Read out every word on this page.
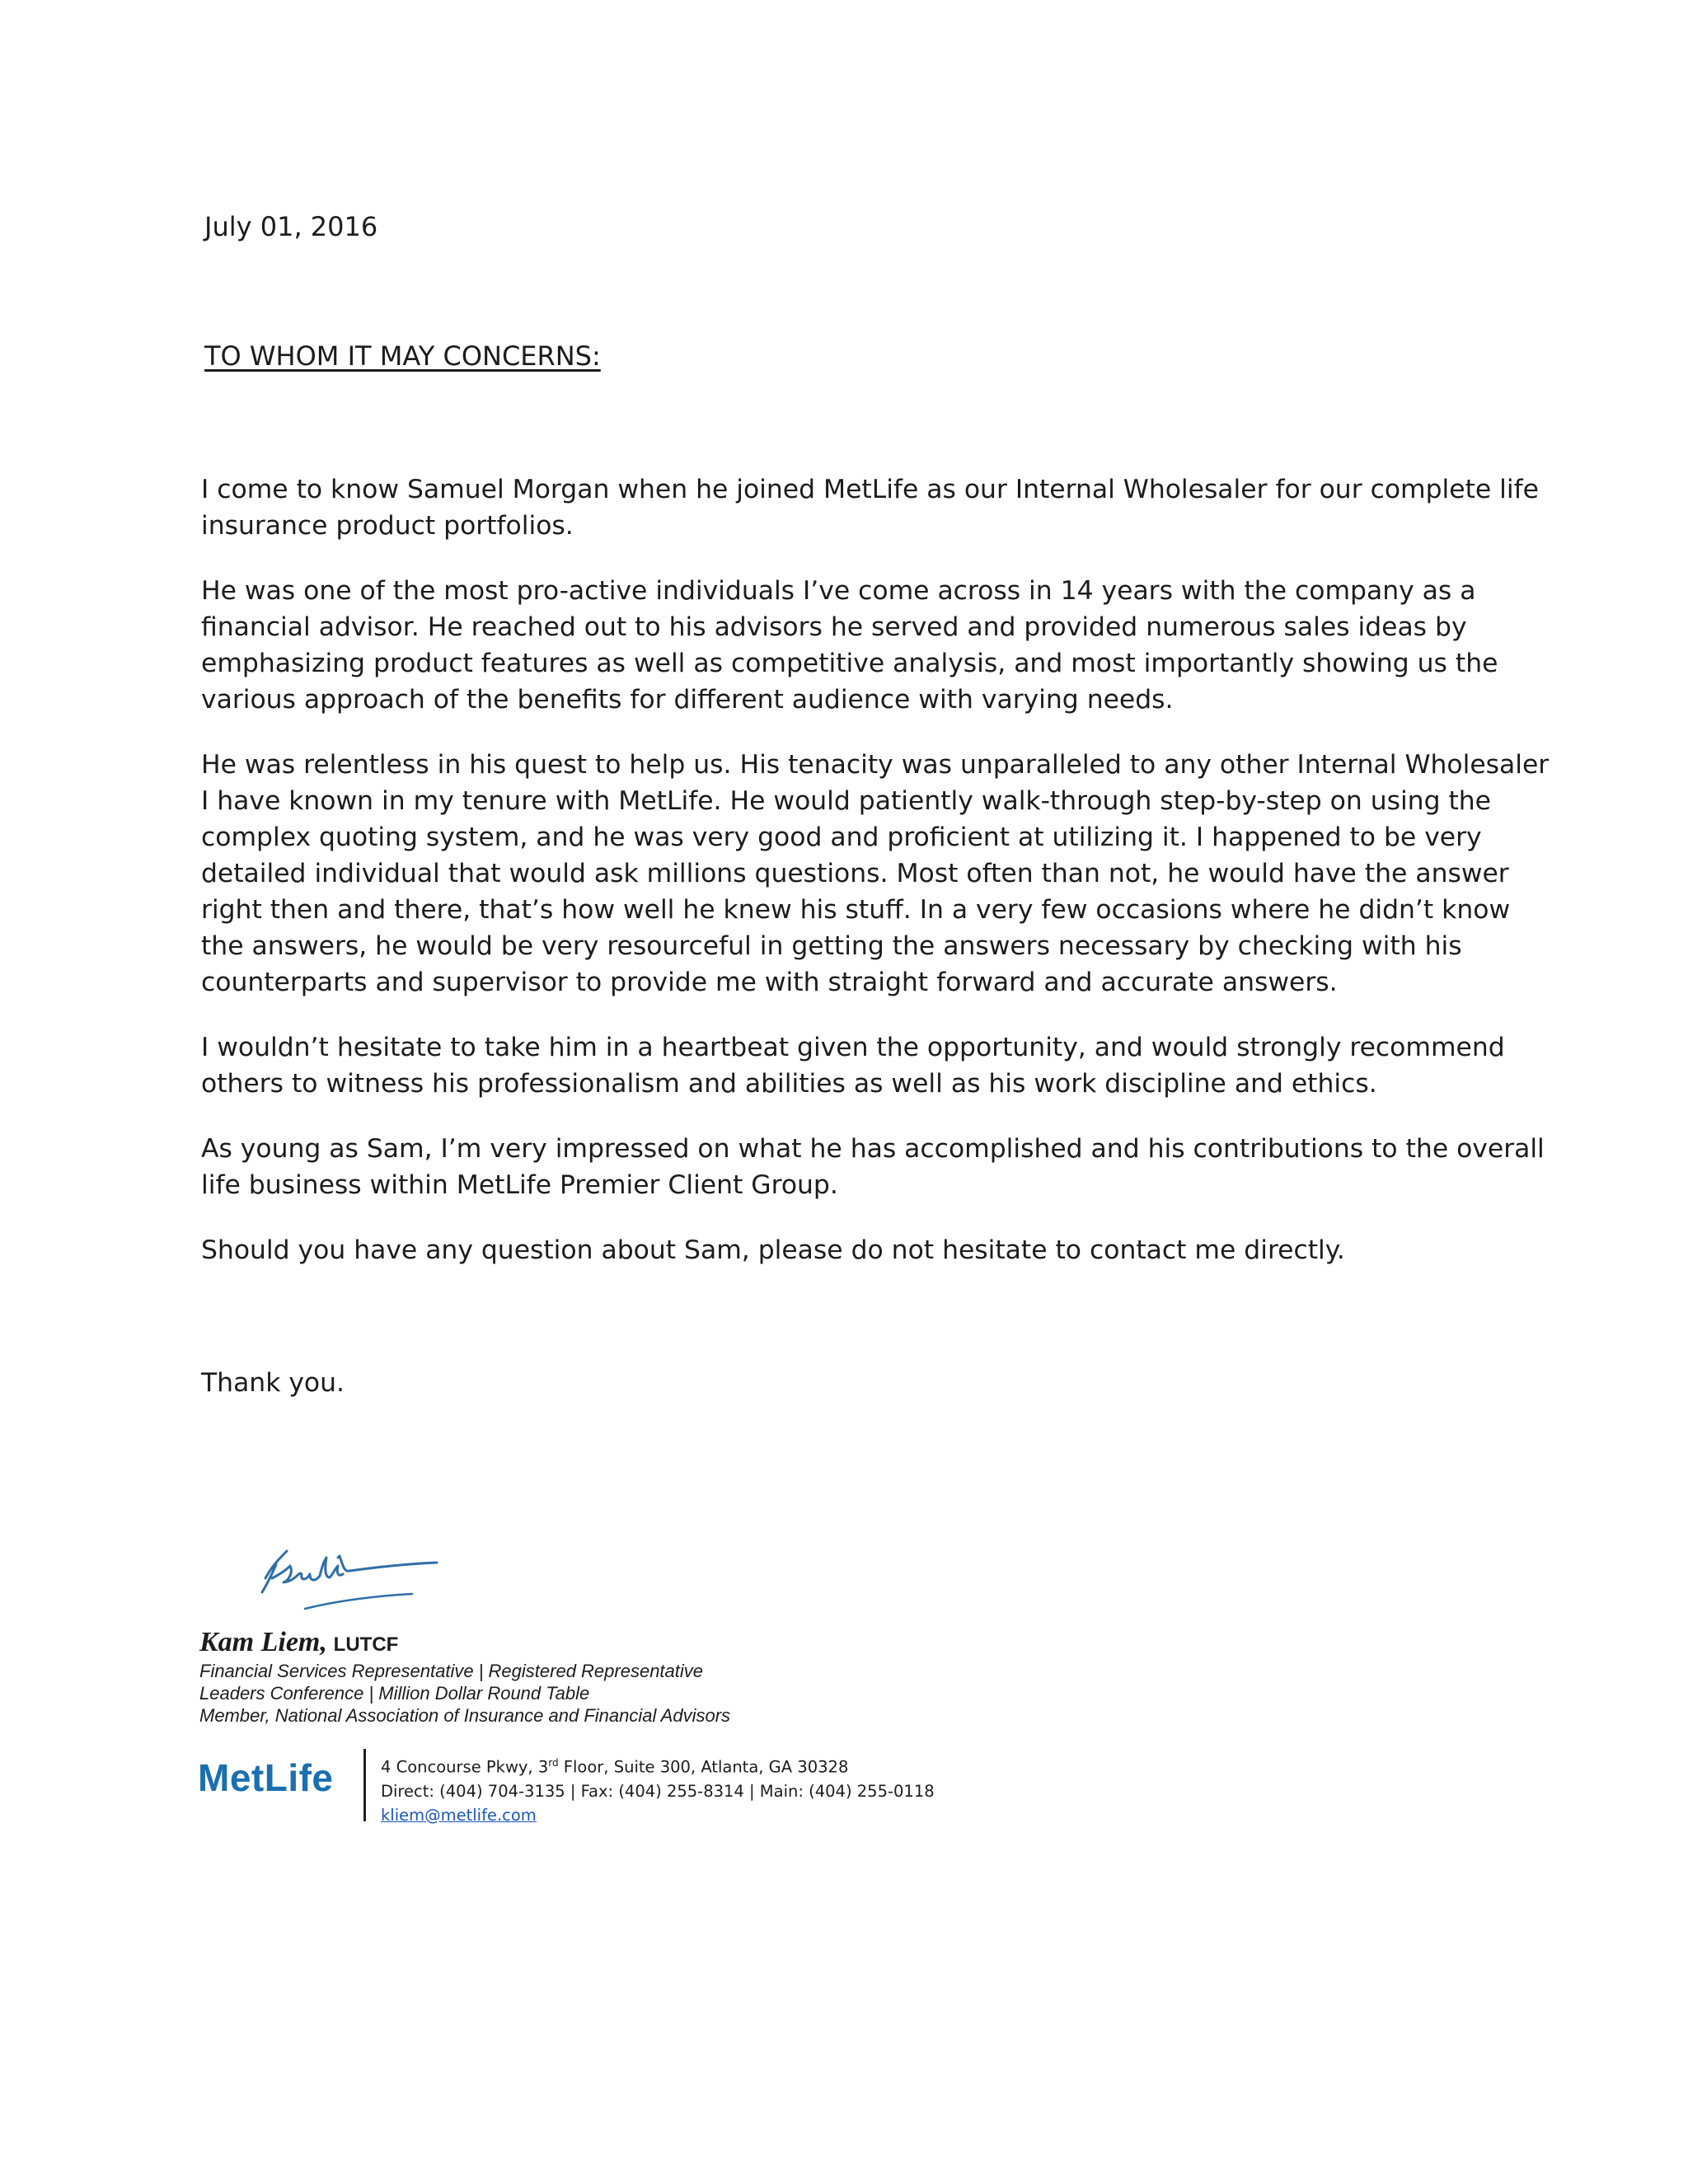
July 01, 2016
TO WHOM IT MAY CONCERNS:

I come to know Samuel Morgan when he joined MetLife as our Internal Wholesaler for our complete life
insurance product portfolios.

He was one of the most pro-active individuals I’ve come across in 14 years with the company as a
financial advisor. He reached out to his advisors he served and provided numerous sales ideas by
emphasizing product features as well as competitive analysis, and most importantly showing us the
various approach of the benefits for different audience with varying needs.

He was relentless in his quest to help us. His tenacity was unparalleled to any other Internal Wholesaler
I have known in my tenure with MetLife. He would patiently walk-through step-by-step on using the
complex quoting system, and he was very good and proficient at utilizing it. I happened to be very
detailed individual that would ask millions questions. Most often than not, he would have the answer
right then and there, that’s how well he knew his stuff. In a very few occasions where he didn’t know
the answers, he would be very resourceful in getting the answers necessary by checking with his
counterparts and supervisor to provide me with straight forward and accurate answers.

I wouldn’t hesitate to take him in a heartbeat given the opportunity, and would strongly recommend
others to witness his professionalism and abilities as well as his work discipline and ethics.

As young as Sam, I’m very impressed on what he has accomplished and his contributions to the overall
life business within MetLife Premier Client Group.

Should you have any question about Sam, please do not hesitate to contact me directly.

Thank you.
Kam Liem, LUTCF
Financial Services Representative | Registered Representative
Leaders Conference | Million Dollar Round Table
Member, National Association of Insurance and Financial Advisors
MetLife	4 Concourse Pkwy, 3rd Floor, Suite 300, Atlanta, GA 30328
Direct: (404) 704-3135 | Fax: (404) 255-8314 | Main: (404) 255-0118
kliem@metlife.com
